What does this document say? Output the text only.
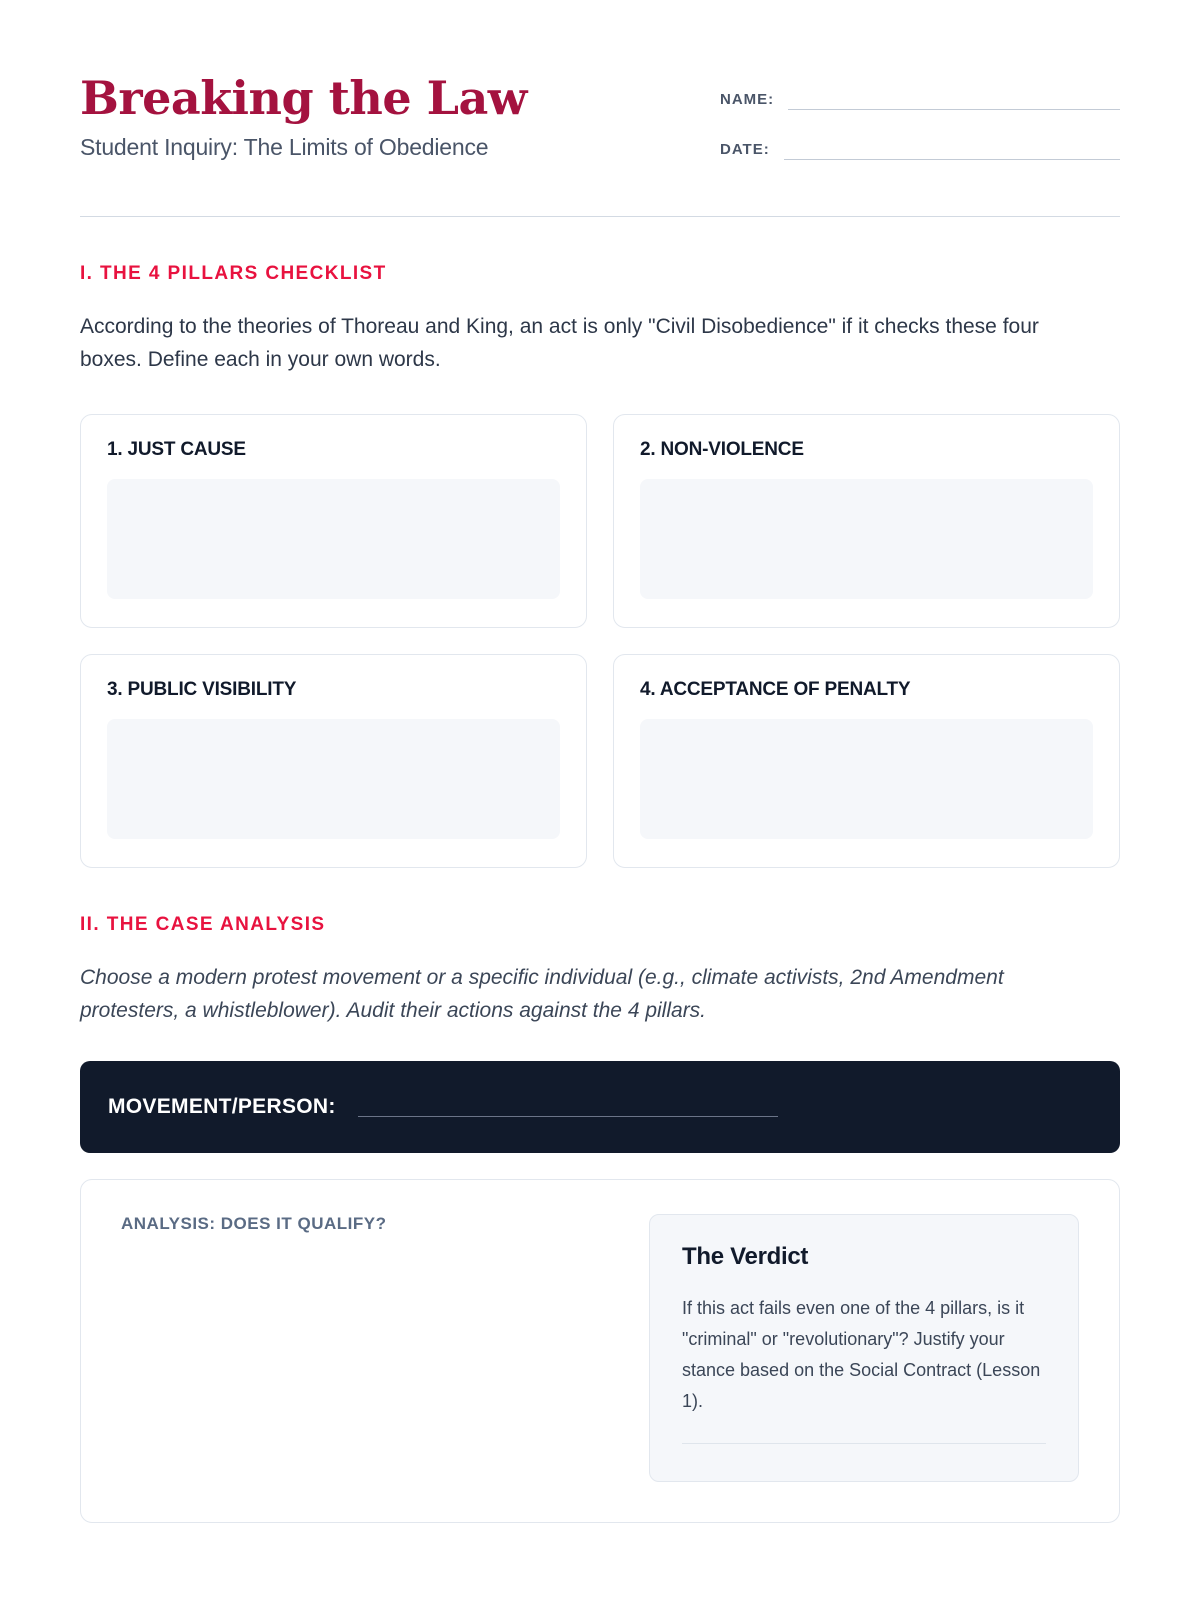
Breaking the Law

Student Inquiry: The Limits of Obedience

NAME:
DATE:
I. THE 4 PILLARS CHECKLIST

According to the theories of Thoreau and King, an act is only "Civil Disobedience" if it checks these four boxes. Define each in your own words.

1. JUST CAUSE	2. NON-VIOLENCE
3. PUBLIC VISIBILITY	4. ACCEPTANCE OF PENALTY
II. THE CASE ANALYSIS

Choose a modern protest movement or a specific individual (e.g., climate activists, 2nd Amendment protesters, a whistleblower). Audit their actions against the 4 pillars.

MOVEMENT/PERSON:
ANALYSIS: DOES IT QUALIFY?
The Verdict

If this act fails even one of the 4 pillars, is it "criminal" or "revolutionary"? Justify your stance based on the Social Contract (Lesson 1).
